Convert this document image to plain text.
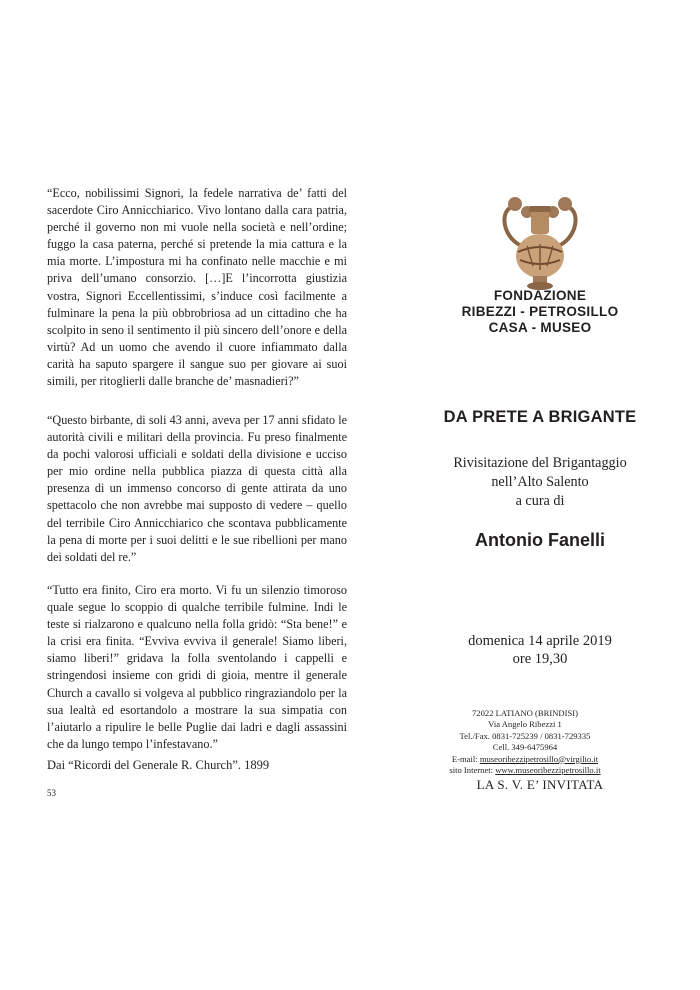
“Ecco, nobilissimi Signori, la fedele narrativa de’ fatti del sacerdote Ciro Annicchiarico. Vivo lontano dalla cara patria, perché il governo non mi vuole nella società e nell’ordine; fuggo la casa paterna, perché si pretende la mia cattura e la mia morte. L’impostura mi ha confinato nelle macchie e mi priva dell’umano consorzio. […]E l’incorrotta giustizia vostra, Signori Eccellentissimi, s’induce così facilmente a fulminare la pena la più obbrobriosa ad un cittadino che ha scolpito in seno il sentimento il più sincero dell’onore e della virtù? Ad un uomo che avendo il cuore infiammato dalla carità ha saputo spargere il sangue suo per giovare ai suoi simili, per ritoglierli dalle branche de’ masnadieri?”

“Questo birbante, di soli 43 anni, aveva per 17 anni sfidato le autorità civili e militari della provincia. Fu preso finalmente da pochi valorosi ufficiali e soldati della divisione e ucciso per mio ordine nella pubblica piazza di questa città alla presenza di un immenso concorso di gente attirata da uno spettacolo che non avrebbe mai supposto di vedere – quello del terribile Ciro Annicchiarico che scontava pubblicamente la pena di morte per i suoi delitti e le sue ribellioni per mano dei soldati del re.”

“Tutto era finito, Ciro era morto. Vi fu un silenzio timoroso quale segue lo scoppio di qualche terribile fulmine. Indi le teste si rialzarono e qualcuno nella folla gridò: “Sta bene!” e la crisi era finita. “Evviva evviva il generale! Siamo liberi, siamo liberi!” gridava la folla sventolando i cappelli e stringendosi insieme con gridi di gioia, mentre il generale Church a cavallo si volgeva al pubblico ringraziandolo per la sua lealtà ed esortandolo a mostrare la sua simpatia con l’aiutarlo a ripulire le belle Puglie dai ladri e dagli assassini che da lungo tempo l’infestavano.”

Dai “Ricordi del Generale R. Church”. 1899
53
FONDAZIONE
RIBEZZI - PETROSILLO
CASA - MUSEO
DA PRETE A BRIGANTE
Rivisitazione del Brigantaggio
nell’Alto Salento
a cura di
Antonio Fanelli
domenica 14 aprile 2019
ore 19,30
72022 LATIANO (BRINDISI)
Via Angelo Ribezzi 1
Tel./Fax. 0831-725239 / 0831-729335
Cell. 349-6475964
E-mail: museoribezzipetrosillo@virgilio.it
sito Internet: www.museoribezzipetrosillo.it
LA S. V. E’ INVITATA
